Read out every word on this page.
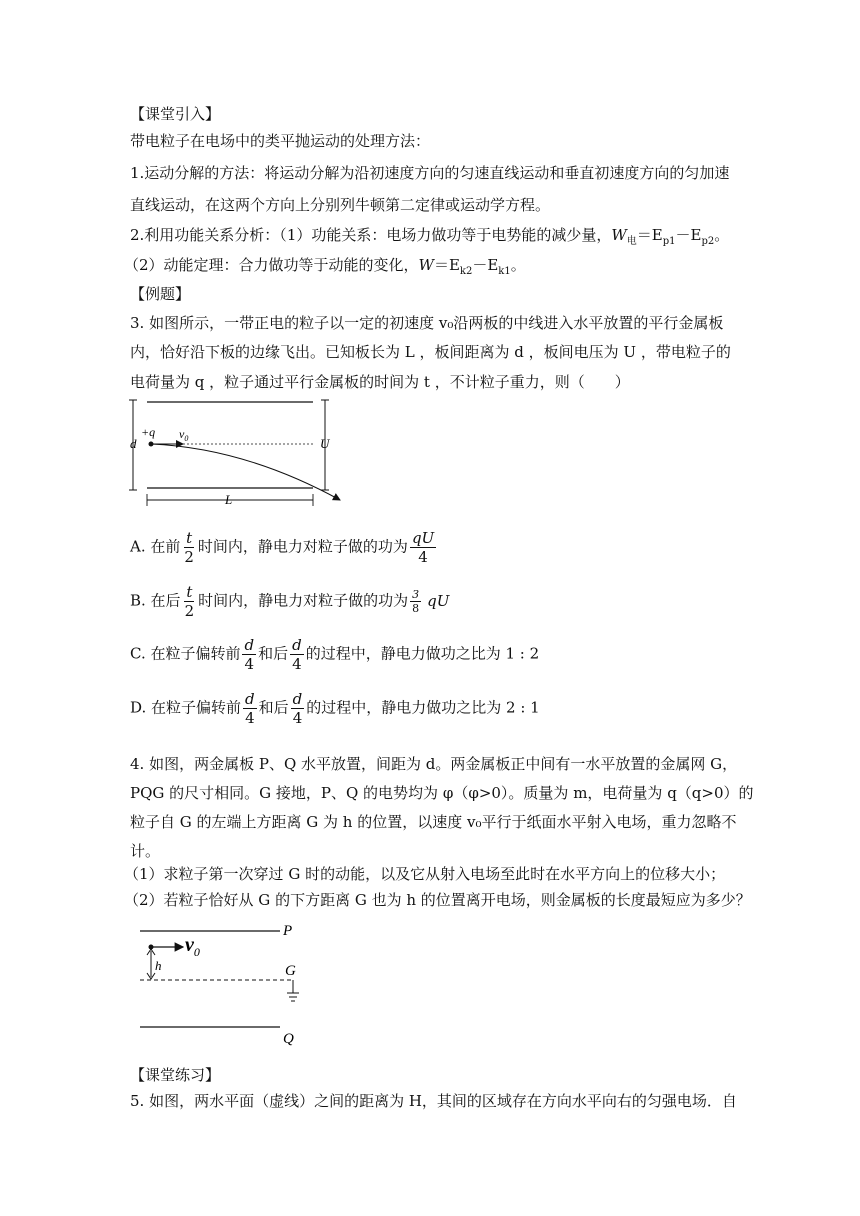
【课堂引入】
带电粒子在电场中的类平抛运动的处理方法：
1.运动分解的方法：将运动分解为沿初速度方向的匀速直线运动和垂直初速度方向的匀加速
直线运动，在这两个方向上分别列牛顿第二定律或运动学方程。
2.利用功能关系分析：（1）功能关系：电场力做功等于电势能的减少量，$W_电=E_{p1}-E_{p2}$。
（2）动能定理：合力做功等于动能的变化，$W=E_{k2}-E_{k1}$。
【例题】
3. 如图所示，一带正电的粒子以一定的初速度 v₀沿两板的中线进入水平放置的平行金属板
内，恰好沿下板的边缘飞出。已知板长为 L ，板间距离为 d ，板间电压为 U ，带电粒子的
电荷量为 q ，粒子通过平行金属板的时间为 t ，不计粒子重力，则（　　）
+q $v_0$
d	U
L
A. 在前 $\frac{t}{2}$ 时间内，静电力对粒子做的功为 $\frac{qU}{4}$
B. 在后 $\frac{t}{2}$ 时间内，静电力对粒子做的功为 $\frac{3}{8}$ qU
C. 在粒子偏转前 $\frac{d}{4}$ 和后 $\frac{d}{4}$ 的过程中，静电力做功之比为 1 : 2
D. 在粒子偏转前 $\frac{d}{4}$ 和后 $\frac{d}{4}$ 的过程中，静电力做功之比为 2 : 1
4. 如图，两金属板 P、Q 水平放置，间距为 d。两金属板正中间有一水平放置的金属网 G，
PQG 的尺寸相同。G 接地，P、Q 的电势均为 φ（φ>0）。质量为 m，电荷量为 q（q>0）的
粒子自 G 的左端上方距离 G 为 h 的位置，以速度 v₀平行于纸面水平射入电场，重力忽略不
计。
（1）求粒子第一次穿过 G 时的动能，以及它从射入电场至此时在水平方向上的位移大小；
（2）若粒子恰好从 G 的下方距离 G 也为 h 的位置离开电场，则金属板的长度最短应为多少？
P
G
Q
h
$v_0$
【课堂练习】
5. 如图，两水平面（虚线）之间的距离为 H，其间的区域存在方向水平向右的匀强电场．自
